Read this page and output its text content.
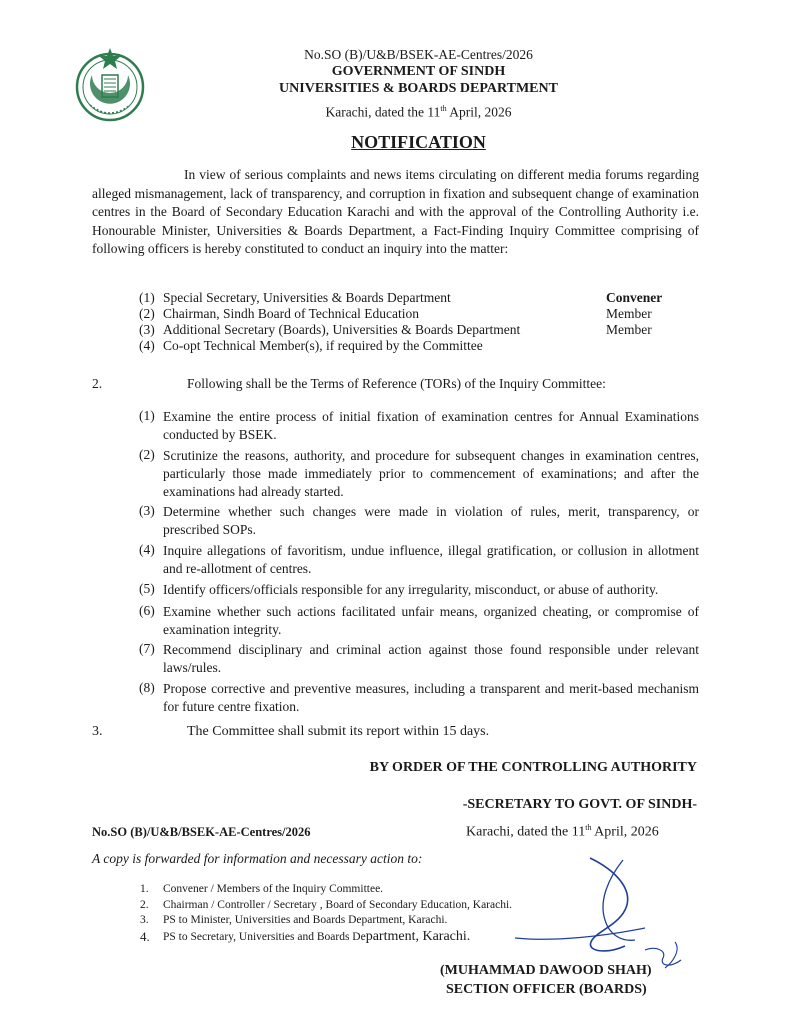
No.SO (B)/U&B/BSEK-AE-Centres/2026
GOVERNMENT OF SINDH
UNIVERSITIES & BOARDS DEPARTMENT
Karachi, dated the 11th April, 2026
NOTIFICATION
In view of serious complaints and news items circulating on different media forums regarding alleged mismanagement, lack of transparency, and corruption in fixation and subsequent change of examination centres in the Board of Secondary Education Karachi and with the approval of the Controlling Authority i.e. Honourable Minister, Universities & Boards Department, a Fact-Finding Inquiry Committee comprising of following officers is hereby constituted to conduct an inquiry into the matter:
(1) Special Secretary, Universities & Boards Department	Convener
(2) Chairman, Sindh Board of Technical Education	Member
(3) Additional Secretary (Boards), Universities & Boards Department	Member
(4) Co-opt Technical Member(s), if required by the Committee
2.	Following shall be the Terms of Reference (TORs) of the Inquiry Committee:
(1) Examine the entire process of initial fixation of examination centres for Annual Examinations conducted by BSEK.
(2) Scrutinize the reasons, authority, and procedure for subsequent changes in examination centres, particularly those made immediately prior to commencement of examinations; and after the examinations had already started.
(3) Determine whether such changes were made in violation of rules, merit, transparency, or prescribed SOPs.
(4) Inquire allegations of favoritism, undue influence, illegal gratification, or collusion in allotment and re-allotment of centres.
(5) Identify officers/officials responsible for any irregularity, misconduct, or abuse of authority.
(6) Examine whether such actions facilitated unfair means, organized cheating, or compromise of examination integrity.
(7) Recommend disciplinary and criminal action against those found responsible under relevant laws/rules.
(8) Propose corrective and preventive measures, including a transparent and merit-based mechanism for future centre fixation.
3.	The Committee shall submit its report within 15 days.
BY ORDER OF THE CONTROLLING AUTHORITY
-SECRETARY TO GOVT. OF SINDH-
No.SO (B)/U&B/BSEK-AE-Centres/2026	Karachi, dated the 11th April, 2026
A copy is forwarded for information and necessary action to:
1. Convener / Members of the Inquiry Committee.
2. Chairman / Controller / Secretary , Board of Secondary Education, Karachi.
3. PS to Minister, Universities and Boards Department, Karachi.
4. PS to Secretary, Universities and Boards Department, Karachi.
(MUHAMMAD DAWOOD SHAH)
SECTION OFFICER (BOARDS)
